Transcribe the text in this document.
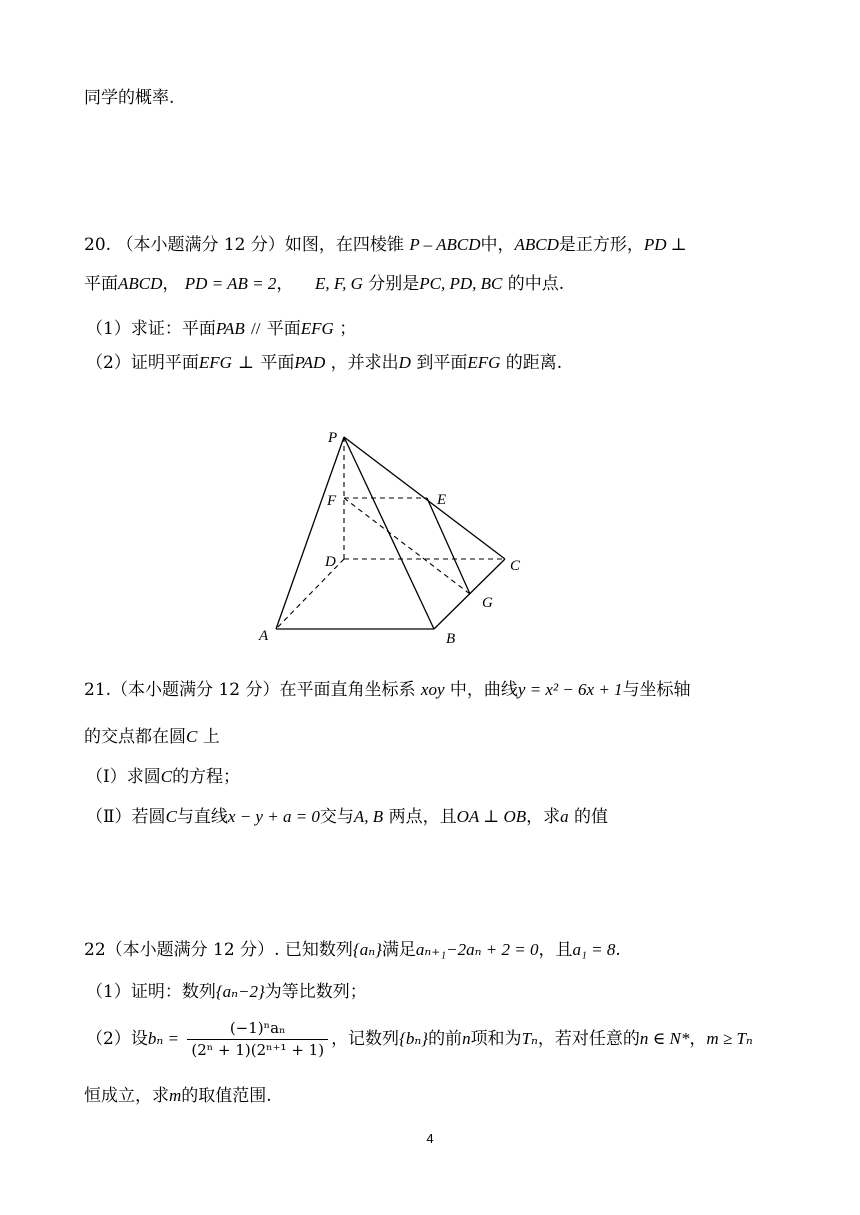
同学的概率.
20. （本小题满分 12 分）如图，在四棱锥 P – ABCD中，ABCD是正方形，PD ⊥
平面ABCD， PD = AB = 2， E, F, G 分别是PC, PD, BC 的中点.
（1）求证：平面PAB // 平面EFG ；
（2）证明平面EFG ⊥ 平面PAD ，并求出D 到平面EFG 的距离.
P
F	E
D	C
G
A	B
21.（本小题满分 12 分）在平面直角坐标系 xoy 中，曲线y = x² − 6x + 1与坐标轴
的交点都在圆C 上
（Ⅰ）求圆C的方程；
（Ⅱ）若圆C与直线x − y + a = 0交与A, B 两点，且OA ⊥ OB，求a 的值
22（本小题满分 12 分）. 已知数列{aₙ}满足aₙ₊₁−2aₙ + 2 = 0，且a₁ = 8.
（1）证明：数列{aₙ−2}为等比数列；
（2）设$b_n = \frac{\text{(−1)ⁿaₙ}}{\text{(2ⁿ + 1)(2ⁿ⁺¹ + 1)}}$ ，记数列{bₙ}的前n项和为Tₙ，若对任意的n ∈ N*，m ≥ Tₙ
恒成立，求m的取值范围.
4
